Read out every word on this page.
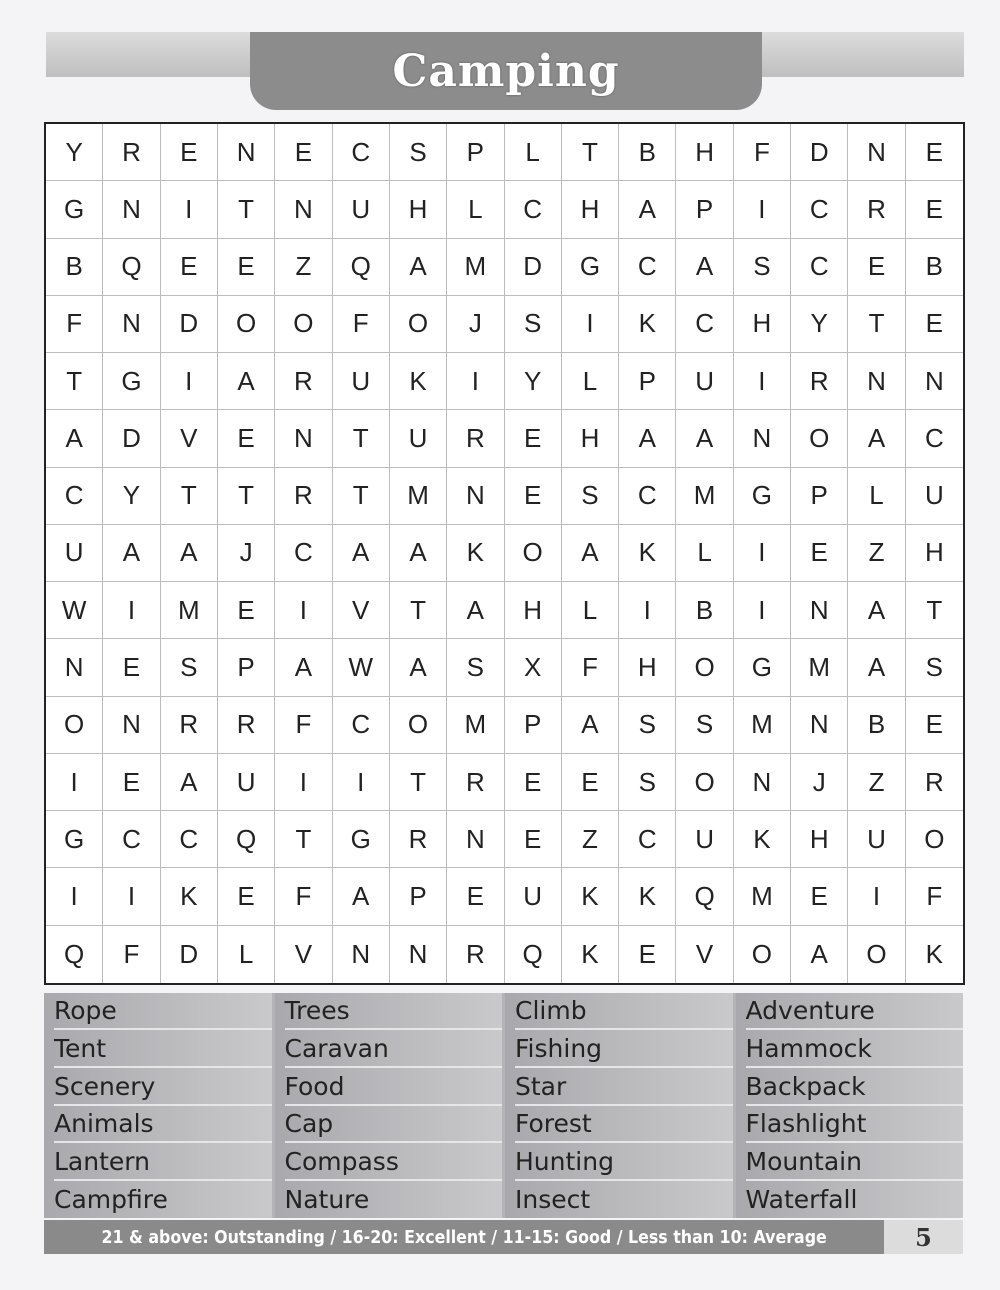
Camping
Y	R	E	N	E	C	S	P	L	T	B	H	F	D	N	E
G	N	I	T	N	U	H	L	C	H	A	P	I	C	R	E
B	Q	E	E	Z	Q	A	M	D	G	C	A	S	C	E	B
F	N	D	O	O	F	O	J	S	I	K	C	H	Y	T	E
T	G	I	A	R	U	K	I	Y	L	P	U	I	R	N	N
A	D	V	E	N	T	U	R	E	H	A	A	N	O	A	C
C	Y	T	T	R	T	M	N	E	S	C	M	G	P	L	U
U	A	A	J	C	A	A	K	O	A	K	L	I	E	Z	H
W	I	M	E	I	V	T	A	H	L	I	B	I	N	A	T
N	E	S	P	A	W	A	S	X	F	H	O	G	M	A	S
O	N	R	R	F	C	O	M	P	A	S	S	M	N	B	E
I	E	A	U	I	I	T	R	E	E	S	O	N	J	Z	R
G	C	C	Q	T	G	R	N	E	Z	C	U	K	H	U	O
I	I	K	E	F	A	P	E	U	K	K	Q	M	E	I	F
Q	F	D	L	V	N	N	R	Q	K	E	V	O	A	O	K
Rope
Tent
Scenery
Animals
Lantern
Campfire
Trees
Caravan
Food
Cap
Compass
Nature
Climb
Fishing
Star
Forest
Hunting
Insect
Adventure
Hammock
Backpack
Flashlight
Mountain
Waterfall
21 & above: Outstanding / 16-20: Excellent / 11-15: Good / Less than 10: Average	5
